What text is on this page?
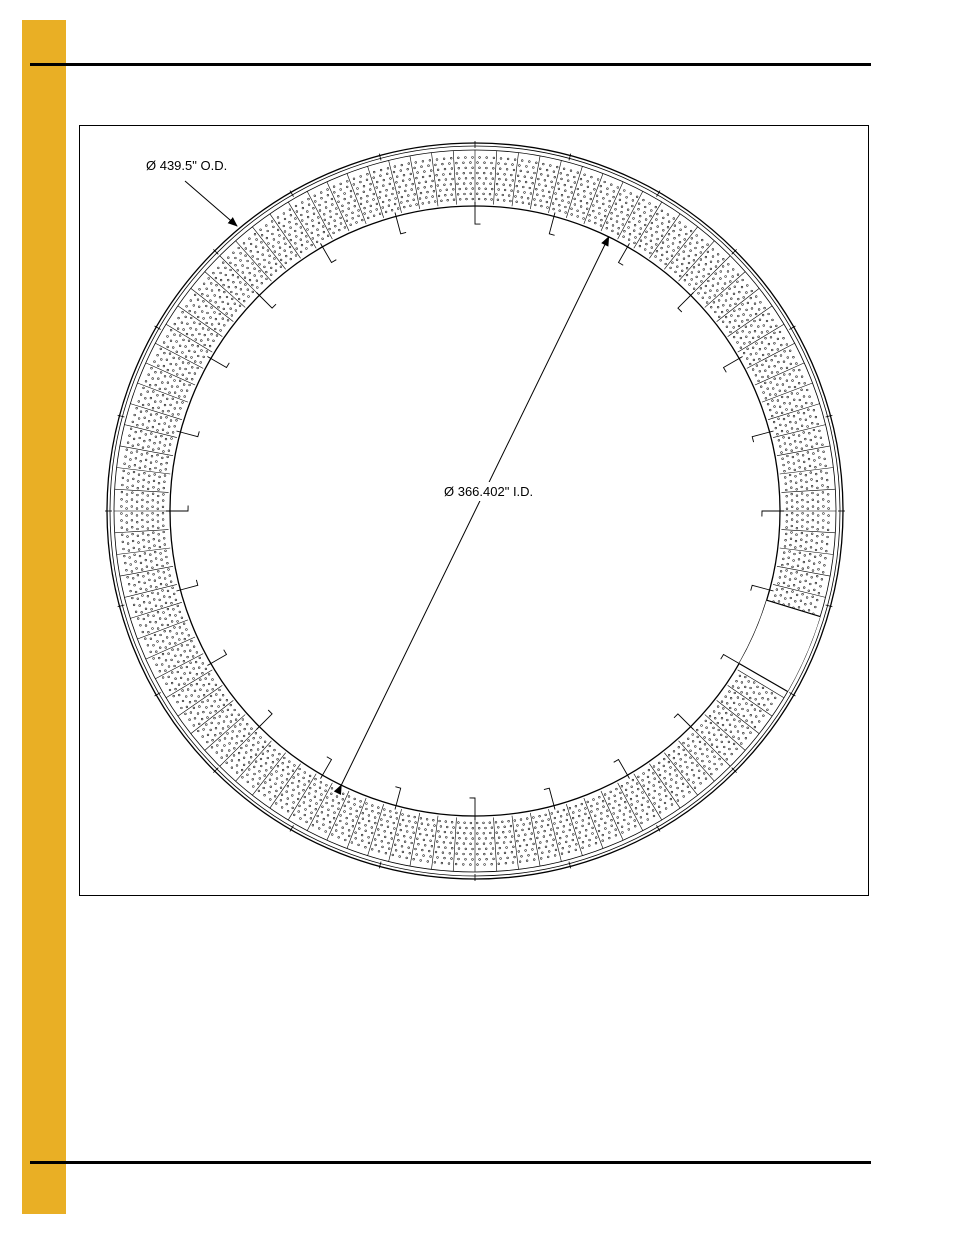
Ø 439.5" O.D.
Ø 366.402" I.D.
